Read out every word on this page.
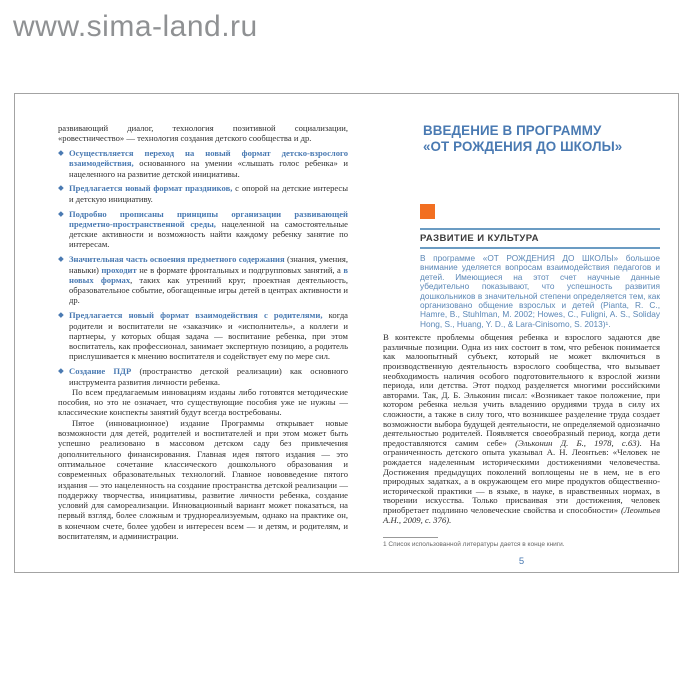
www.sima-land.ru

развивающий диалог, технология позитивной социализации, «ровестничество» — технология создания детского сообщества и др.

Осуществляется переход на новый формат детско-взрослого взаимодействия, основанного на умении «слышать голос ребенка» и нацеленного на развитие детской инициативы.
Предлагается новый формат праздников, с опорой на детские интересы и детскую инициативу.
Подробно прописаны принципы организации развивающей предметно-пространственной среды, нацеленной на самостоятельные детские активности и возможность найти каждому ребенку занятие по интересам.
Значительная часть освоения предметного содержания (знания, умения, навыки) проходит не в формате фронтальных и подгрупповых занятий, а в новых формах, таких как утренний круг, проектная деятельность, образовательное событие, обогащенные игры детей в центрах активности и др.
Предлагается новый формат взаимодействия с родителями, когда родители и воспитатели не «заказчик» и «исполнитель», а коллеги и партнеры, у которых общая задача — воспитание ребенка, при этом воспитатель, как профессионал, занимает экспертную позицию, а родитель прислушивается к мнению воспитателя и содействует ему по мере сил.
Создание ПДР (пространство детской реализации) как основного инструмента развития личности ребенка.

По всем предлагаемым инновациям изданы либо готовятся методические пособия, но это не означает, что существующие пособия уже не нужны — классические конспекты занятий будут всегда востребованы.

Пятое (инновационное) издание Программы открывает новые возможности для детей, родителей и воспитателей и при этом может быть успешно реализовано в массовом детском саду без привлечения дополнительного финансирования. Главная идея пятого издания — это оптимальное сочетание классического дошкольного образования и современных образовательных технологий. Главное нововведение пятого издания — это нацеленность на создание пространства детской реализации — поддержку творчества, инициативы, развитие личности ребенка, создание условий для самореализации. Инновационный вариант может показаться, на первый взгляд, более сложным и труднореализуемым, однако на практике он, в конечном счете, более удобен и интересен всем — и детям, и родителям, и воспитателям, и администрации.

ВВЕДЕНИЕ В ПРОГРАММУ
«ОТ РОЖДЕНИЯ ДО ШКОЛЫ»
РАЗВИТИЕ И КУЛЬТУРА

В программе «ОТ РОЖДЕНИЯ ДО ШКОЛЫ» большое внимание уделяется вопросам взаимодействия педагогов и детей. Имеющиеся на этот счет научные данные убедительно показывают, что успешность развития дошкольников в значительной степени определяется тем, как организовано общение взрослых и детей (Pianta, R. C., Hamre, B., Stuhlman, M. 2002; Howes, C., Fuligni, A. S., Soliday Hong, S., Huang, Y. D., & Lara-Cinisomo, S. 2013)¹.

В контексте проблемы общения ребенка и взрослого задаются две различные позиции. Одна из них состоит в том, что ребенок понимается как малоопытный субъект, который не может включиться в производственную деятельность взрослого сообщества, что вызывает необходимость наличия особого подготовительного к взрослой жизни периода, или детства. Этот подход разделяется многими российскими авторами. Так, Д. Б. Эльконин писал: «Возникает такое положение, при котором ребенка нельзя учить владению орудиями труда в силу их сложности, а также в силу того, что возникшее разделение труда создает возможности выбора будущей деятельности, не определяемой однозначно деятельностью родителей. Появляется своеобразный период, когда дети предоставляются самим себе» (Эльконин Д. Б., 1978, с.63). На ограниченность детского опыта указывал А. Н. Леонтьев: «Человек не рождается наделенным историческими достижениями человечества. Достижения предыдущих поколений воплощены не в нем, не в его природных задатках, а в окружающем его мире продуктов общественно-исторической практики — в языке, в науке, в нравственных нормах, в творении искусства. Только присваивая эти достижения, человек приобретает подлинно человеческие свойства и способности» (Леонтьев А.Н., 2009, с. 376).

1 Список использованной литературы дается в конце книги.
5
